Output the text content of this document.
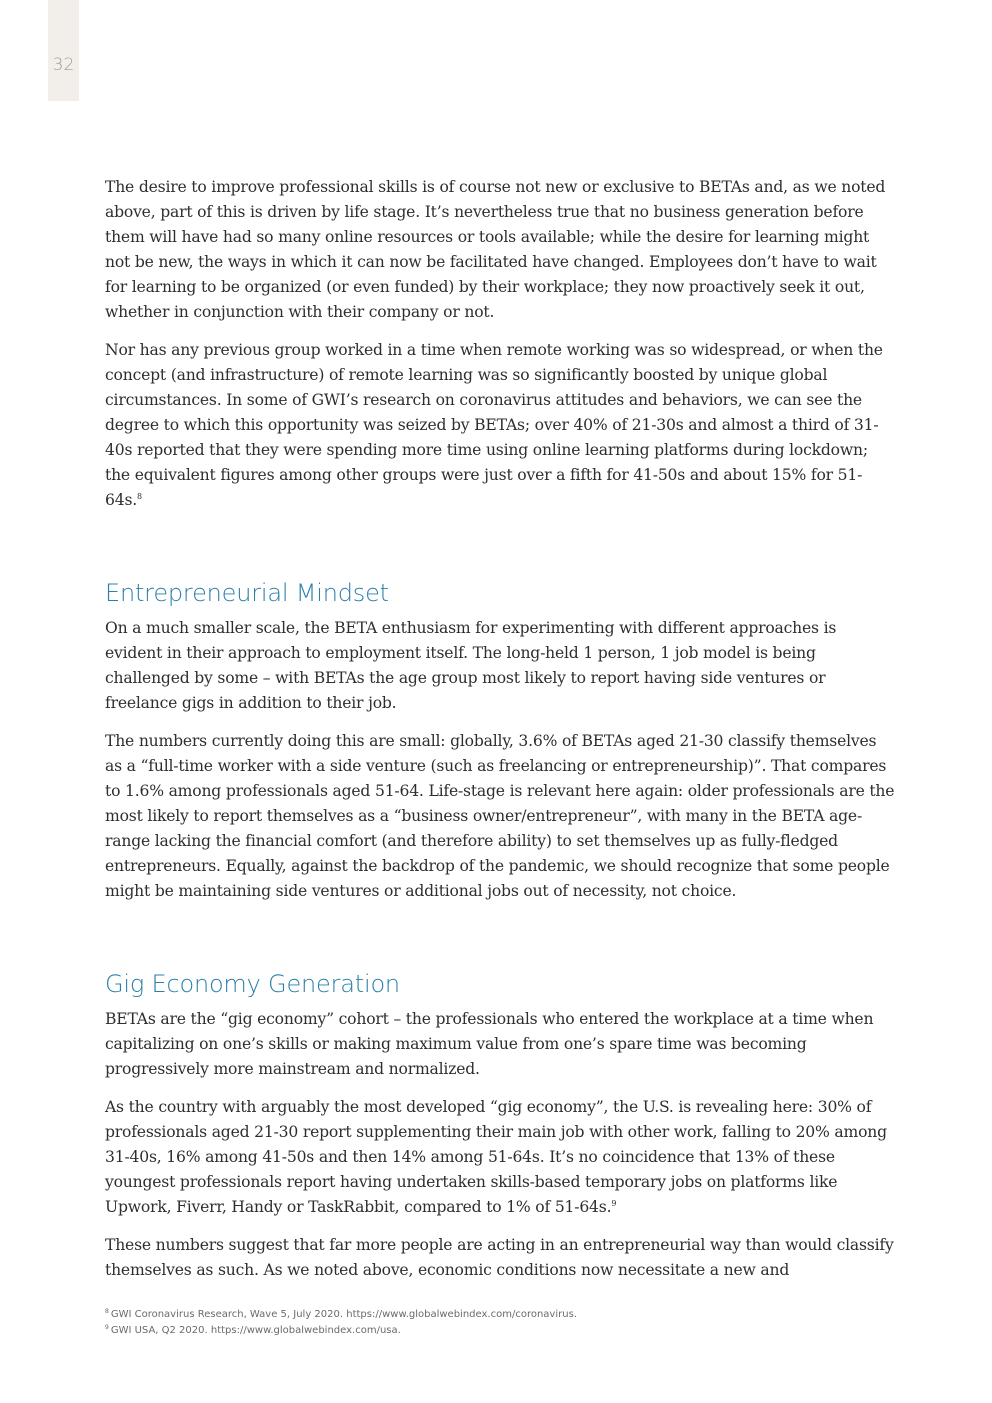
32

The desire to improve professional skills is of course not new or exclusive to BETAs and, as we noted above, part of this is driven by life stage. It’s nevertheless true that no business generation before them will have had so many online resources or tools available; while the desire for learning might not be new, the ways in which it can now be facilitated have changed. Employees don’t have to wait for learning to be organized (or even funded) by their workplace; they now proactively seek it out, whether in conjunction with their company or not.

Nor has any previous group worked in a time when remote working was so widespread, or when the concept (and infrastructure) of remote learning was so significantly boosted by unique global circumstances. In some of GWI’s research on coronavirus attitudes and behaviors, we can see the degree to which this opportunity was seized by BETAs; over 40% of 21-30s and almost a third of 31-40s reported that they were spending more time using online learning platforms during lockdown; the equivalent figures among other groups were just over a fifth for 41-50s and about 15% for 51-64s.$^8$

Entrepreneurial Mindset

On a much smaller scale, the BETA enthusiasm for experimenting with different approaches is evident in their approach to employment itself. The long-held 1 person, 1 job model is being challenged by some – with BETAs the age group most likely to report having side ventures or freelance gigs in addition to their job.

The numbers currently doing this are small: globally, 3.6% of BETAs aged 21-30 classify themselves as a “full-time worker with a side venture (such as freelancing or entrepreneurship)”. That compares to 1.6% among professionals aged 51-64. Life-stage is relevant here again: older professionals are the most likely to report themselves as a “business owner/entrepreneur”, with many in the BETA age-range lacking the financial comfort (and therefore ability) to set themselves up as fully-fledged entrepreneurs. Equally, against the backdrop of the pandemic, we should recognize that some people might be maintaining side ventures or additional jobs out of necessity, not choice.

Gig Economy Generation

BETAs are the “gig economy” cohort – the professionals who entered the workplace at a time when capitalizing on one’s skills or making maximum value from one’s spare time was becoming progressively more mainstream and normalized.

As the country with arguably the most developed “gig economy”, the U.S. is revealing here: 30% of professionals aged 21-30 report supplementing their main job with other work, falling to 20% among 31-40s, 16% among 41-50s and then 14% among 51-64s. It’s no coincidence that 13% of these youngest professionals report having undertaken skills-based temporary jobs on platforms like Upwork, Fiverr, Handy or TaskRabbit, compared to 1% of 51-64s.$^9$

These numbers suggest that far more people are acting in an entrepreneurial way than would classify themselves as such. As we noted above, economic conditions now necessitate a new and

$^8$ GWI Coronavirus Research, Wave 5, July 2020. https://www.globalwebindex.com/coronavirus.
$^9$ GWI USA, Q2 2020. https://www.globalwebindex.com/usa.
